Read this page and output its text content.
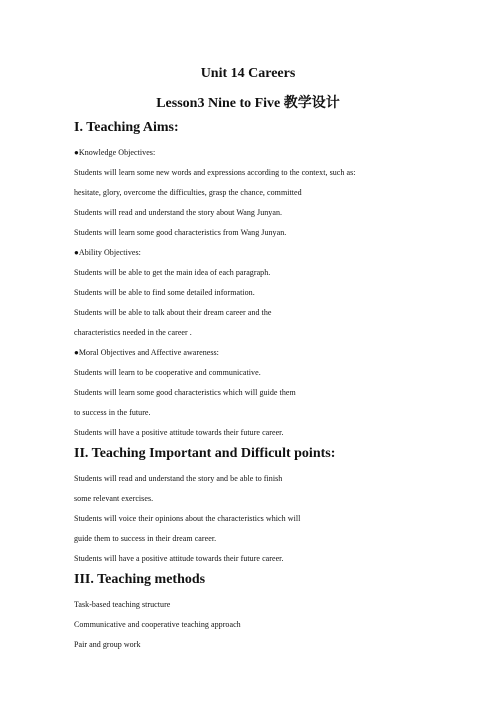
Unit 14 Careers
Lesson3 Nine to Five 教学设计
I. Teaching Aims:
●Knowledge Objectives:
Students will learn some new words and expressions according to the context, such as:
hesitate, glory, overcome the difficulties, grasp the chance, committed
Students will read and understand the story about Wang Junyan.
Students will learn some good characteristics from Wang Junyan.
●Ability Objectives:
Students will be able to get the main idea of each paragraph.
Students will be able to find some detailed information.
Students will be able to talk about their dream career and the
characteristics needed in the career .
●Moral Objectives and Affective awareness:
Students will learn to be cooperative and communicative.
Students will learn some good characteristics which will guide them
to success in the future.
Students will have a positive attitude towards their future career.
II. Teaching Important and Difficult points:
Students will read and understand the story and be able to finish
some relevant exercises.
Students will voice their opinions about the characteristics which will
guide them to success in their dream career.
Students will have a positive attitude towards their future career.
III. Teaching methods
Task-based teaching structure
Communicative and cooperative teaching approach
Pair and group work
